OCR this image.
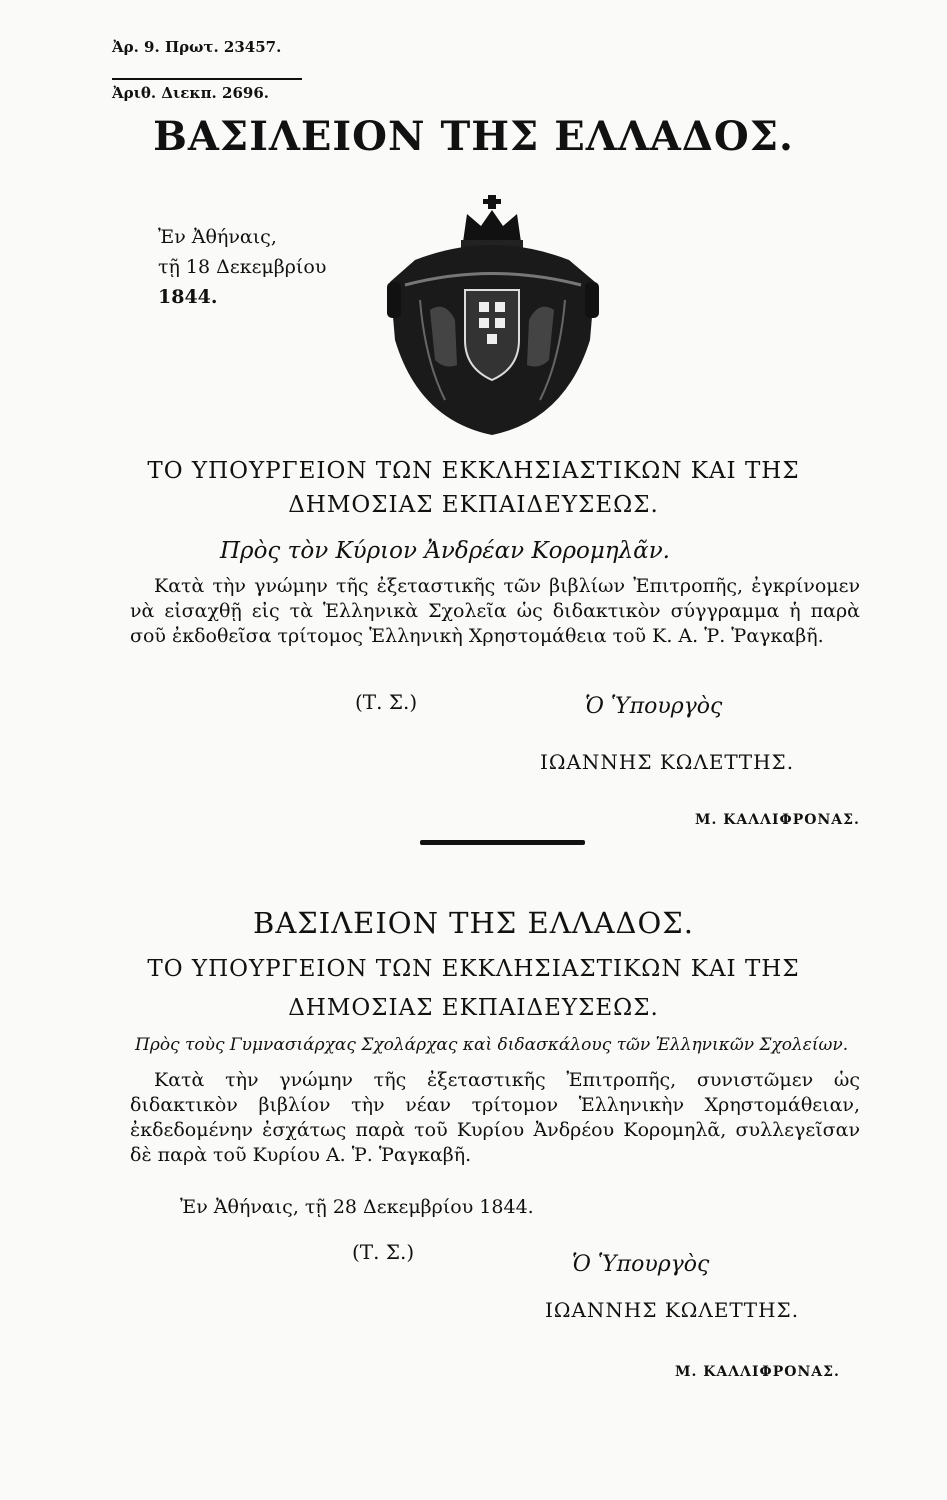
Ἀρ. 9. Πρωτ. 23457.
Ἀριθ. Διεκπ. 2696.
ΒΑΣΙΛΕΙΟΝ ΤΗΣ ΕΛΛΑΔΟΣ.
Ἐν Ἀθήναις,
τῇ 18 Δεκεμβρίου
1844.
ΤΟ ΥΠΟΥΡΓΕΙΟΝ ΤΩΝ ΕΚΚΛΗΣΙΑΣΤΙΚΩΝ ΚΑΙ ΤΗΣ
ΔΗΜΟΣΙΑΣ ΕΚΠΑΙΔΕΥΣΕΩΣ.
Πρὸς τὸν Κύριον Ἀνδρέαν Κορομηλᾶν.
Κατὰ τὴν γνώμην τῆς ἐξεταστικῆς τῶν βιβλίων Ἐπιτροπῆς, ἐγκρίνομεν νὰ εἰσαχθῇ εἰς τὰ Ἑλληνικὰ Σχολεῖα ὡς διδακτικὸν σύγγραμμα ἡ παρὰ σοῦ ἐκδοθεῖσα τρίτομος Ἑλληνικὴ Χρηστομάθεια τοῦ Κ. Α. Ῥ. Ῥαγκαβῆ.
(Τ. Σ.)	Ὁ Ὑπουργὸς
ΙΩΑΝΝΗΣ ΚΩΛΕΤΤΗΣ.
Μ. ΚΑΛΛΙΦΡΟΝΑΣ.
ΒΑΣΙΛΕΙΟΝ ΤΗΣ ΕΛΛΑΔΟΣ.
ΤΟ ΥΠΟΥΡΓΕΙΟΝ ΤΩΝ ΕΚΚΛΗΣΙΑΣΤΙΚΩΝ ΚΑΙ ΤΗΣ
ΔΗΜΟΣΙΑΣ ΕΚΠΑΙΔΕΥΣΕΩΣ.
Πρὸς τοὺς Γυμνασιάρχας Σχολάρχας καὶ διδασκάλους τῶν Ἑλληνικῶν Σχολείων.
Κατὰ τὴν γνώμην τῆς ἐξεταστικῆς Ἐπιτροπῆς, συνιστῶμεν ὡς διδακτικὸν βιβλίον τὴν νέαν τρίτομον Ἑλληνικὴν Χρηστομάθειαν, ἐκδεδομένην ἐσχάτως παρὰ τοῦ Κυρίου Ἀνδρέου Κορομηλᾶ, συλλεγεῖσαν δὲ παρὰ τοῦ Κυρίου Α. Ῥ. Ῥαγκαβῆ.
Ἐν Ἀθήναις, τῇ 28 Δεκεμβρίου 1844.
(Τ. Σ.)	Ὁ Ὑπουργὸς
ΙΩΑΝΝΗΣ ΚΩΛΕΤΤΗΣ.
Μ. ΚΑΛΛΙΦΡΟΝΑΣ.
